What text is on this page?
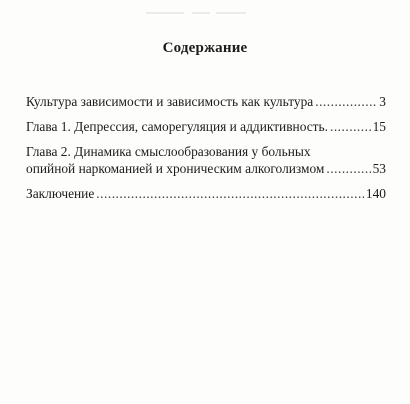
Содержание
Культура зависимости и зависимость как культура .....	3
Глава 1. Депрессия, саморегуляция и аддиктивность. .....	15
Глава 2. Динамика смыслообразования у больных
опийной наркоманией и хроническим алкоголизмом .....	53
Заключение .....	140
